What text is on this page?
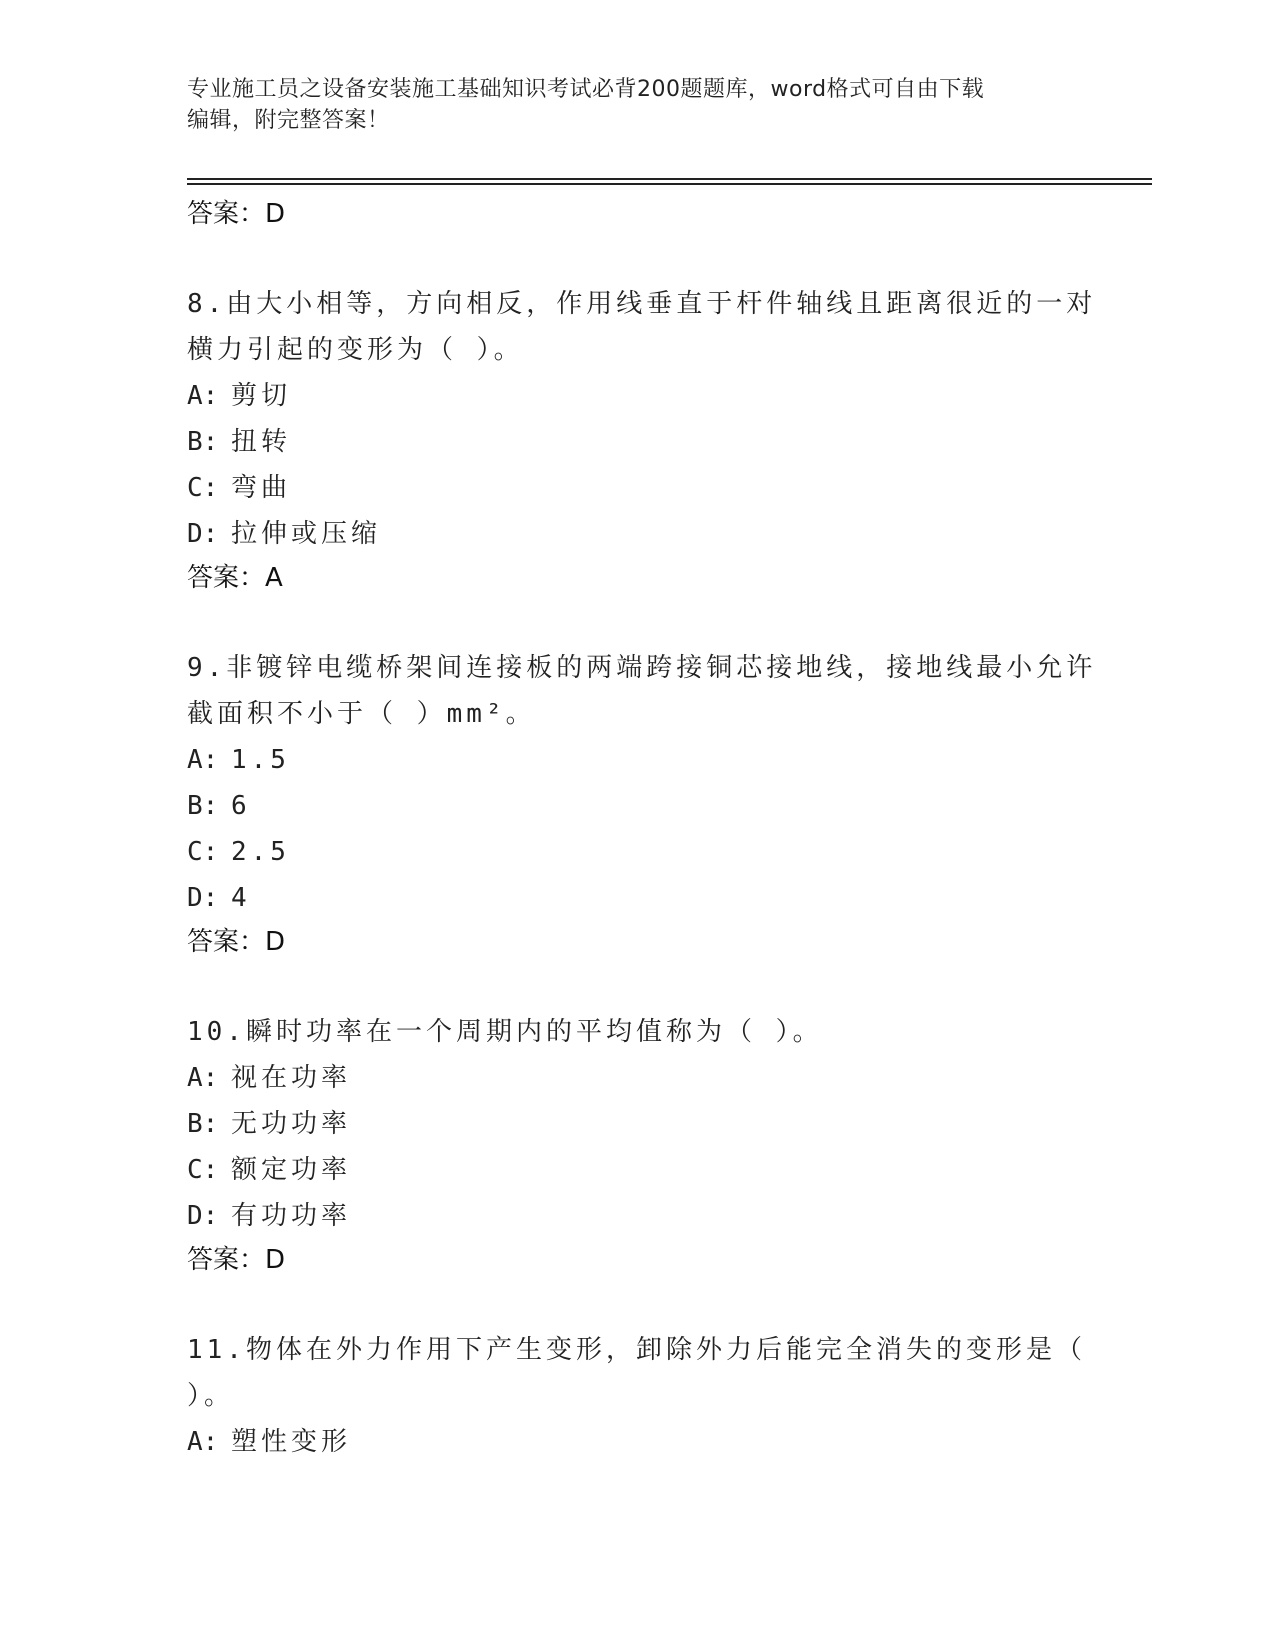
专业施工员之设备安装施工基础知识考试必背200题题库，word格式可自由下载
编辑，附完整答案！
答案：D
8.由大小相等，方向相反，作用线垂直于杆件轴线且距离很近的一对
横力引起的变形为（ ）。
A: 剪切
B: 扭转
C: 弯曲
D: 拉伸或压缩
答案：A
9.非镀锌电缆桥架间连接板的两端跨接铜芯接地线，接地线最小允许
截面积不小于（ ）mm²。
A: 1.5
B: 6
C: 2.5
D: 4
答案：D
10.瞬时功率在一个周期内的平均值称为（ ）。
A: 视在功率
B: 无功功率
C: 额定功率
D: 有功功率
答案：D
11.物体在外力作用下产生变形，卸除外力后能完全消失的变形是（
）。
A: 塑性变形
